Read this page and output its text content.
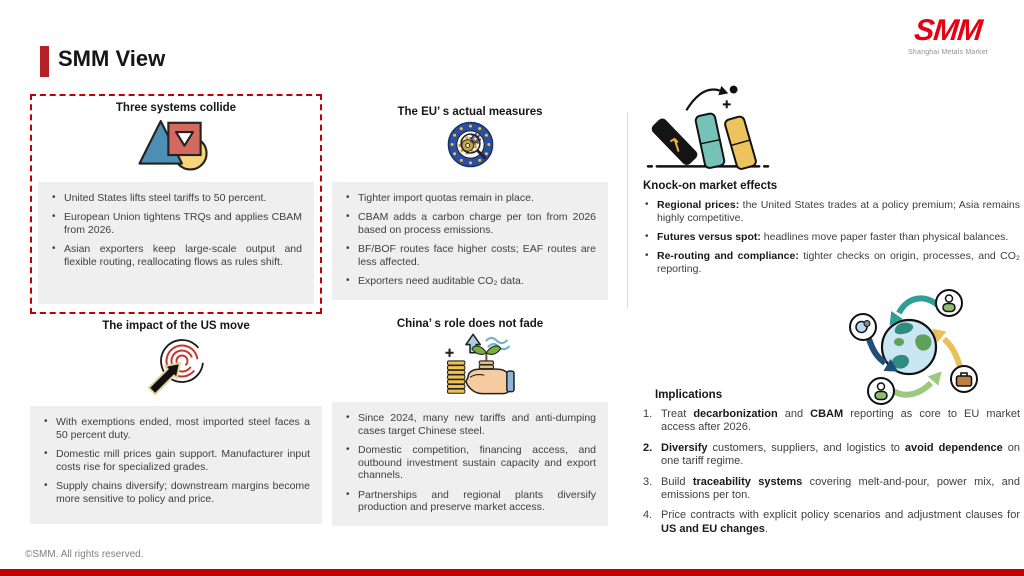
SMM View
SMM
Shanghai Metals Market
Three systems collide
• United States lifts steel tariffs to 50 percent.
• European Union tightens TRQs and applies CBAM from 2026.
• Asian exporters keep large-scale output and flexible routing, reallocating flows as rules shift.
The EU’ s actual measures
• Tighter import quotas remain in place.
• CBAM adds a carbon charge per ton from 2026 based on process emissions.
• BF/BOF routes face higher costs; EAF routes are less affected.
• Exporters need auditable CO₂ data.
The impact of the US move
• With exemptions ended, most imported steel faces a 50 percent duty.
• Domestic mill prices gain support. Manufacturer input costs rise for specialized grades.
• Supply chains diversify; downstream margins become more sensitive to policy and price.
China’ s role does not fade
• Since 2024, many new tariffs and anti-dumping cases target Chinese steel.
• Domestic competition, financing access, and outbound investment sustain capacity and export channels.
• Partnerships and regional plants diversify production and preserve market access.
Knock-on market effects
• Regional prices: the United States trades at a policy premium; Asia remains highly competitive.
• Futures versus spot: headlines move paper faster than physical balances.
• Re-routing and compliance: tighter checks on origin, processes, and CO₂ reporting.
Implications
1. Treat decarbonization and CBAM reporting as core to EU market access after 2026.
2. Diversify customers, suppliers, and logistics to avoid dependence on one tariff regime.
3. Build traceability systems covering melt-and-pour, power mix, and emissions per ton.
4. Price contracts with explicit policy scenarios and adjustment clauses for US and EU changes.
©SMM. All rights reserved.
